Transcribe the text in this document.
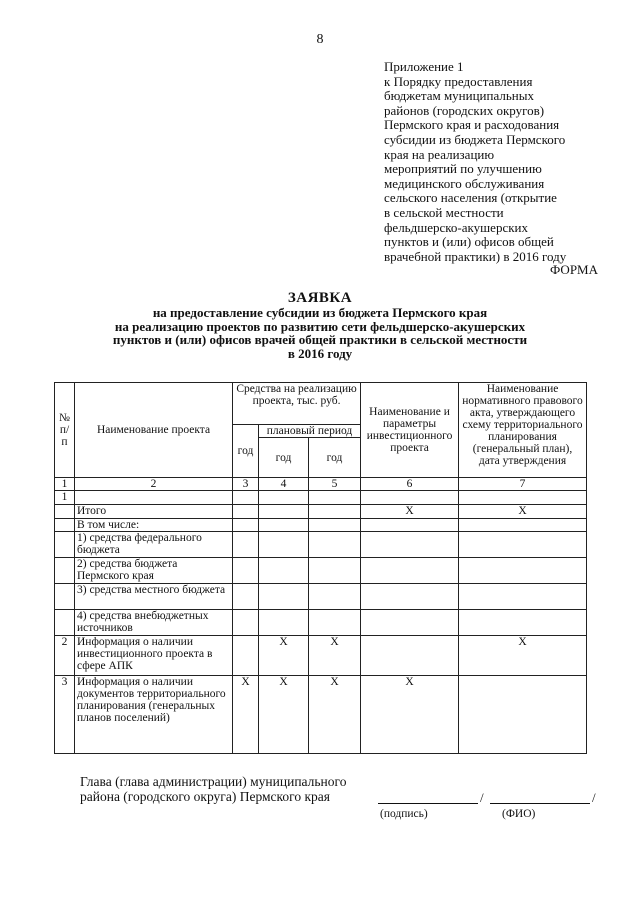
8
Приложение 1
к Порядку предоставления
бюджетам муниципальных
районов (городских округов)
Пермского края и расходования
субсидии из бюджета Пермского
края на реализацию
мероприятий по улучшению
медицинского обслуживания
сельского населения (открытие
в сельской местности
фельдшерско-акушерских
пунктов и (или) офисов общей
врачебной практики) в 2016 году
ФОРМА
ЗАЯВКА
на предоставление субсидии из бюджета Пермского края
на реализацию проектов по развитию сети фельдшерско-акушерских
пунктов и (или) офисов врачей общей практики в сельской местности
в 2016 году
№ п/п	Наименование проекта	Средства на реализацию проекта, тыс. руб.			Наименование и параметры инвестиционного проекта	Наименование нормативного правового акта, утверждающего схему территориального планирования (генеральный план), дата утверждения
		год	плановый период			
			год	год		
1	2	3	4	5	6	7
1						
	Итого				Х	Х
	В том числе:					
	1) средства федерального бюджета					
	2) средства бюджета Пермского края					
	3) средства местного бюджета					
	4) средства внебюджетных источников					
2	Информация о наличии инвестиционного проекта в сфере АПК		Х	Х		Х
3	Информация о наличии документов территориального планирования (генеральных планов поселений)	Х	Х	Х	Х	
Глава (глава администрации) муниципального
района (городского округа) Пермского края	/	/
(подпись)	(ФИО)
